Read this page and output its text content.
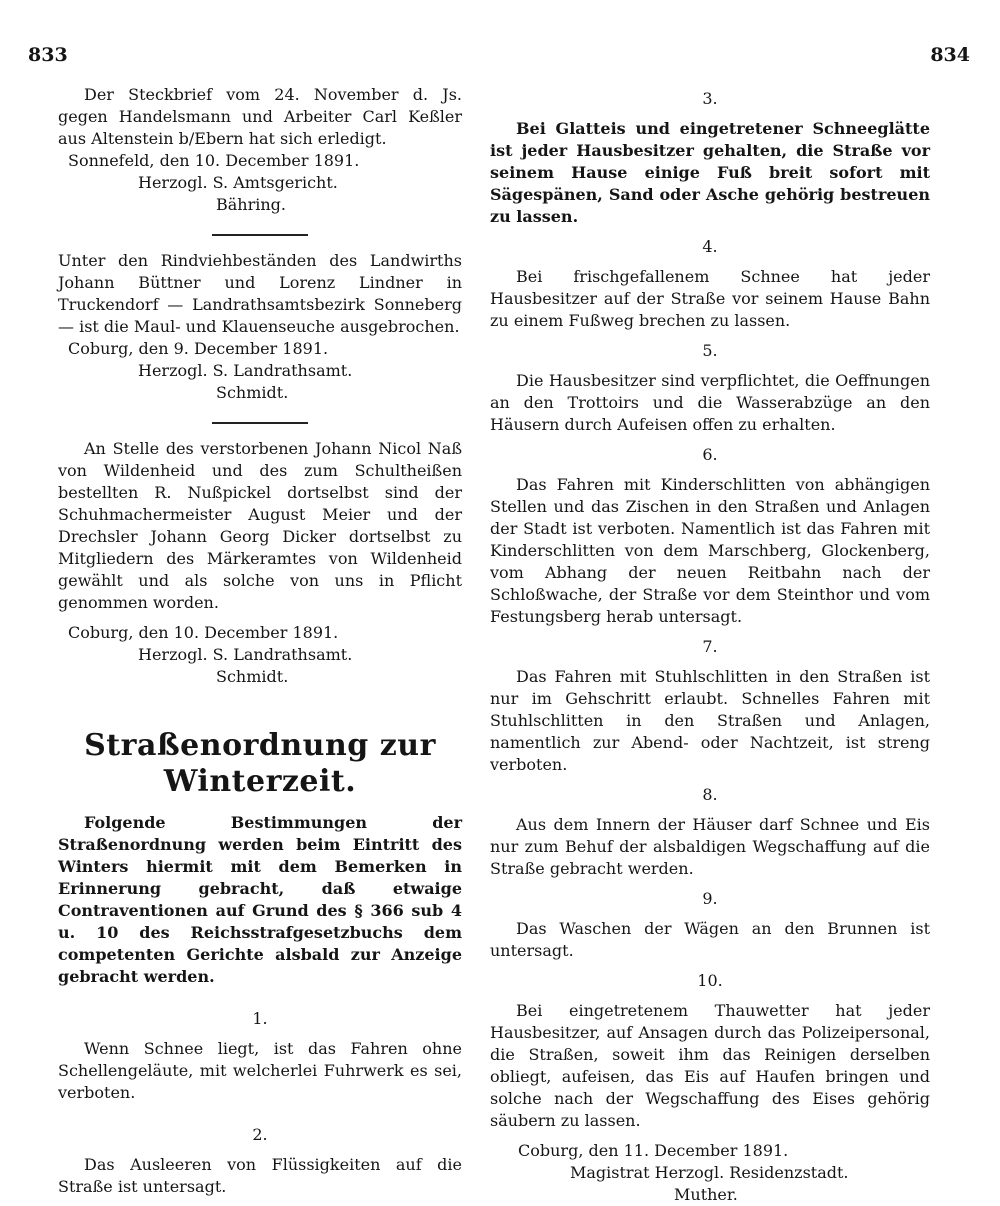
833	834

Der Steckbrief vom 24. November d. Js. gegen Handelsmann und Arbeiter Carl Keßler aus Altenstein b/Ebern hat sich erledigt.

Sonnefeld, den 10. December 1891.

Herzogl. S. Amtsgericht.

Bähring.

Unter den Rindviehbeständen des Landwirths Johann Büttner und Lorenz Lindner in Truckendorf — Landrathsamtsbezirk Sonneberg — ist die Maul- und Klauenseuche ausgebrochen.

Coburg, den 9. December 1891.

Herzogl. S. Landrathsamt.

Schmidt.

An Stelle des verstorbenen Johann Nicol Naß von Wildenheid und des zum Schultheißen bestellten R. Nußpickel dortselbst sind der Schuhmachermeister August Meier und der Drechsler Johann Georg Dicker dortselbst zu Mitgliedern des Märkeramtes von Wildenheid gewählt und als solche von uns in Pflicht genommen worden.

Coburg, den 10. December 1891.

Herzogl. S. Landrathsamt.

Schmidt.

Straßenordnung zur Winterzeit.

Folgende Bestimmungen der Straßenordnung werden beim Eintritt des Winters hiermit mit dem Bemerken in Erinnerung gebracht, daß etwaige Contraventionen auf Grund des § 366 sub 4 u. 10 des Reichsstrafgesetzbuchs dem competenten Gerichte alsbald zur Anzeige gebracht werden.

1.

Wenn Schnee liegt, ist das Fahren ohne Schellengeläute, mit welcherlei Fuhrwerk es sei, verboten.

2.

Das Ausleeren von Flüssigkeiten auf die Straße ist untersagt.

3.

Bei Glatteis und eingetretener Schneeglätte ist jeder Hausbesitzer gehalten, die Straße vor seinem Hause einige Fuß breit sofort mit Sägespänen, Sand oder Asche gehörig bestreuen zu lassen.

4.

Bei frischgefallenem Schnee hat jeder Hausbesitzer auf der Straße vor seinem Hause Bahn zu einem Fußweg brechen zu lassen.

5.

Die Hausbesitzer sind verpflichtet, die Oeffnungen an den Trottoirs und die Wasserabzüge an den Häusern durch Aufeisen offen zu erhalten.

6.

Das Fahren mit Kinderschlitten von abhängigen Stellen und das Zischen in den Straßen und Anlagen der Stadt ist verboten. Namentlich ist das Fahren mit Kinderschlitten von dem Marschberg, Glockenberg, vom Abhang der neuen Reitbahn nach der Schloßwache, der Straße vor dem Steinthor und vom Festungsberg herab untersagt.

7.

Das Fahren mit Stuhlschlitten in den Straßen ist nur im Gehschritt erlaubt. Schnelles Fahren mit Stuhlschlitten in den Straßen und Anlagen, namentlich zur Abend- oder Nachtzeit, ist streng verboten.

8.

Aus dem Innern der Häuser darf Schnee und Eis nur zum Behuf der alsbaldigen Wegschaffung auf die Straße gebracht werden.

9.

Das Waschen der Wägen an den Brunnen ist untersagt.

10.

Bei eingetretenem Thauwetter hat jeder Hausbesitzer, auf Ansagen durch das Polizeipersonal, die Straßen, soweit ihm das Reinigen derselben obliegt, aufeisen, das Eis auf Haufen bringen und solche nach der Wegschaffung des Eises gehörig säubern zu lassen.

Coburg, den 11. December 1891.

Magistrat Herzogl. Residenzstadt.

Muther.
